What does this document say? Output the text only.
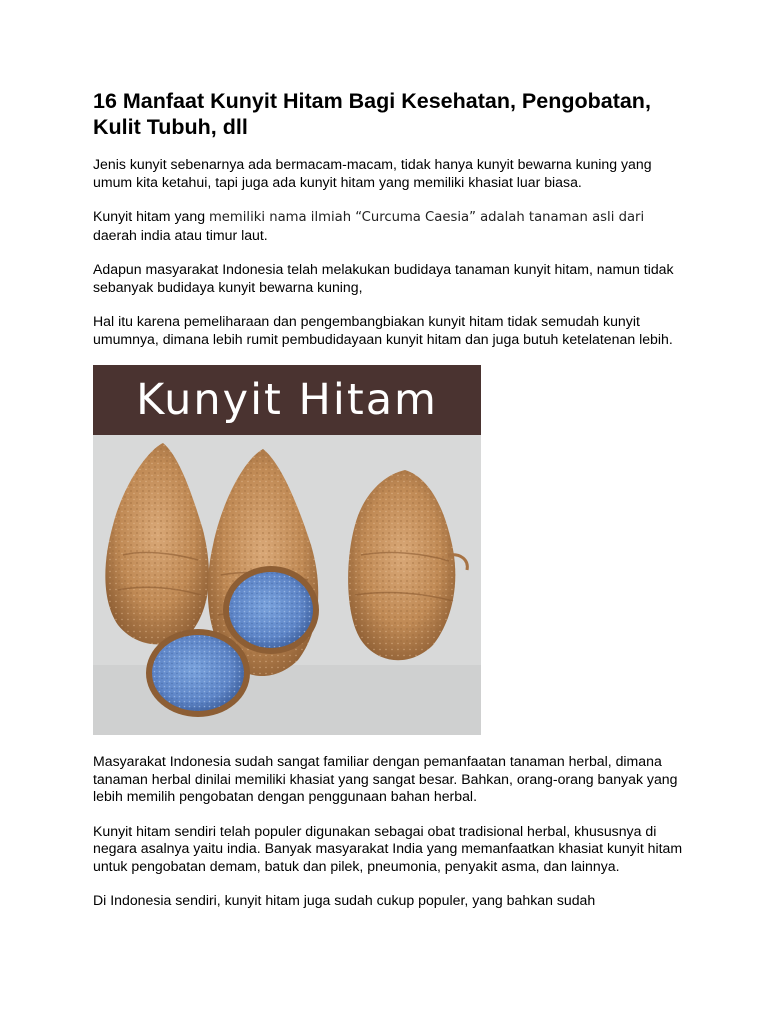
16 Manfaat Kunyit Hitam Bagi Kesehatan, Pengobatan, Kulit Tubuh, dll

Jenis kunyit sebenarnya ada bermacam-macam, tidak hanya kunyit bewarna kuning yang umum kita ketahui, tapi juga ada kunyit hitam yang memiliki khasiat luar biasa.

Kunyit hitam yang memiliki nama ilmiah “Curcuma Caesia” adalah tanaman asli dari daerah india atau timur laut.

Adapun masyarakat Indonesia telah melakukan budidaya tanaman kunyit hitam, namun tidak sebanyak budidaya kunyit bewarna kuning,

Hal itu karena pemeliharaan dan pengembangbiakan kunyit hitam tidak semudah kunyit umumnya, dimana lebih rumit pembudidayaan kunyit hitam dan juga butuh ketelatenan lebih.

Kunyit Hitam

Masyarakat Indonesia sudah sangat familiar dengan pemanfaatan tanaman herbal, dimana tanaman herbal dinilai memiliki khasiat yang sangat besar. Bahkan, orang-orang banyak yang lebih memilih pengobatan dengan penggunaan bahan herbal.

Kunyit hitam sendiri telah populer digunakan sebagai obat tradisional herbal, khususnya di negara asalnya yaitu india. Banyak masyarakat India yang memanfaatkan khasiat kunyit hitam untuk pengobatan demam, batuk dan pilek, pneumonia, penyakit asma, dan lainnya.

Di Indonesia sendiri, kunyit hitam juga sudah cukup populer, yang bahkan sudah
